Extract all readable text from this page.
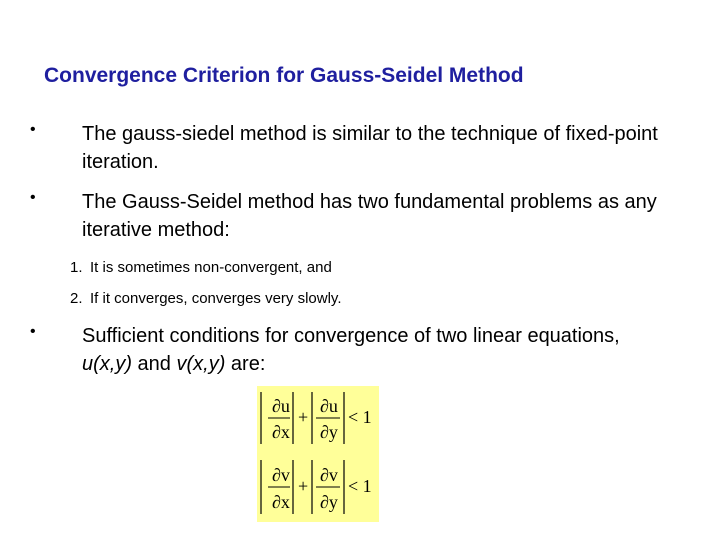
Convergence Criterion for Gauss-Seidel Method
• The gauss-siedel method is similar to the technique of fixed-point iteration.
• The Gauss-Seidel method has two fundamental problems as any iterative method:
1. It is sometimes non-convergent, and
2. If it converges, converges very slowly.
• Sufficient conditions for convergence of two linear equations, u(x,y) and v(x,y) are:
∂u
∂x
+
∂u
∂y
< 1
∂v
∂x
+
∂v
∂y
< 1
